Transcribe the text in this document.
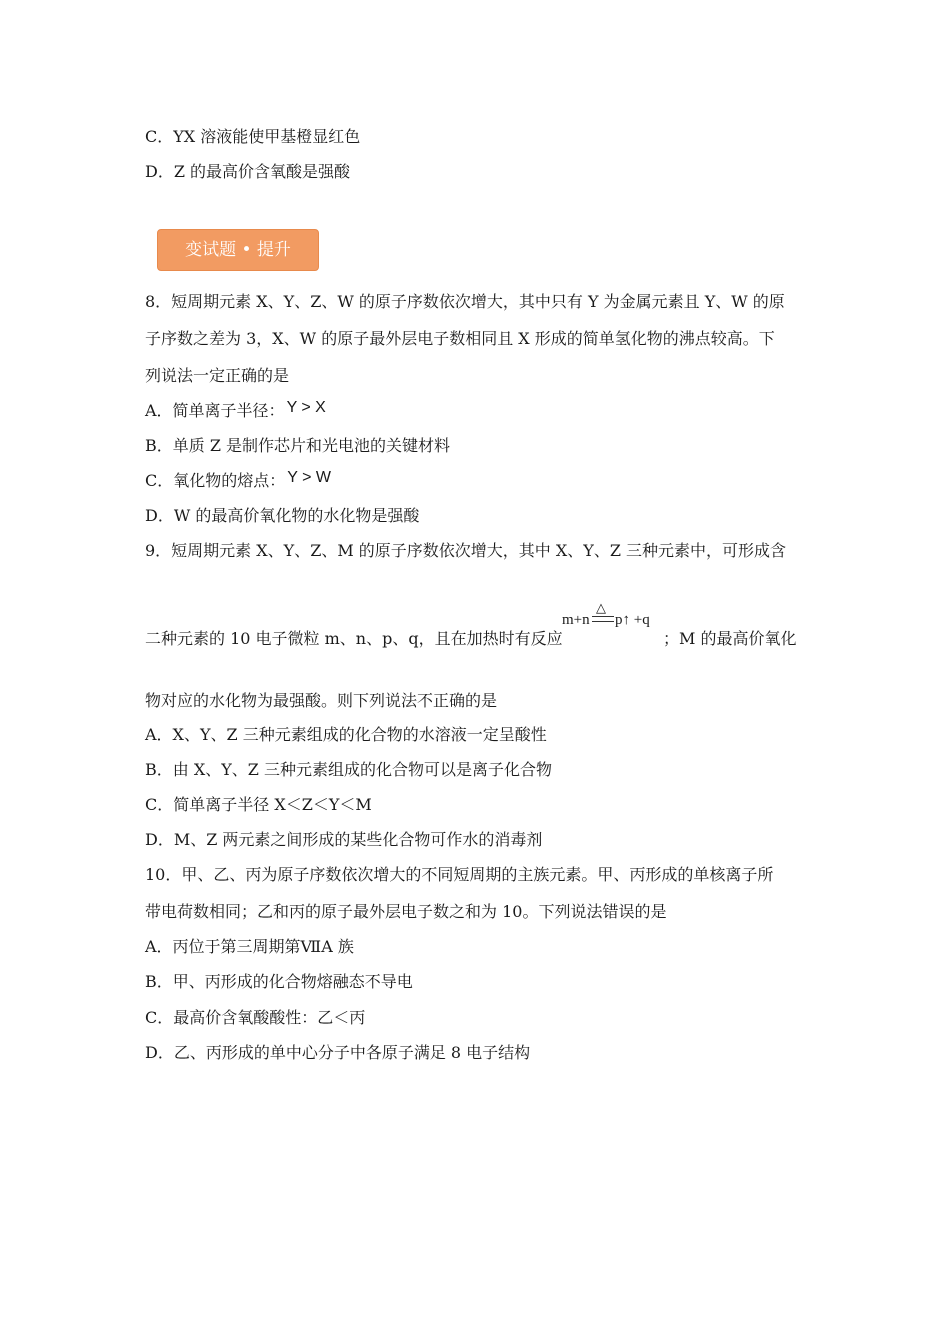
C．YX 溶液能使甲基橙显红色
D．Z 的最高价含氧酸是强酸
变试题 • 提升
8．短周期元素 X、Y、Z、W 的原子序数依次增大，其中只有 Y 为金属元素且 Y、W 的原
子序数之差为 3，X、W 的原子最外层电子数相同且 X 形成的简单氢化物的沸点较高。下
列说法一定正确的是
A．简单离子半径： Y > X
B．单质 Z 是制作芯片和光电池的关键材料
C．氧化物的熔点： Y > W
D．W 的最高价氧化物的水化物是强酸
9．短周期元素 X、Y、Z、M 的原子序数依次增大，其中 X、Y、Z 三种元素中，可形成含
二种元素的 10 电子微粒 m、n、p、q，且在加热时有反应
m+n
△
p↑ +q
；M 的最高价氧化
物对应的水化物为最强酸。则下列说法不正确的是
A．X、Y、Z 三种元素组成的化合物的水溶液一定呈酸性
B．由 X、Y、Z 三种元素组成的化合物可以是离子化合物
C．简单离子半径 X＜Z＜Y＜M
D．M、Z 两元素之间形成的某些化合物可作水的消毒剂
10．甲、乙、丙为原子序数依次增大的不同短周期的主族元素。甲、丙形成的单核离子所
带电荷数相同；乙和丙的原子最外层电子数之和为 10。下列说法错误的是
A．丙位于第三周期第ⅦA 族
B．甲、丙形成的化合物熔融态不导电
C．最高价含氧酸酸性：乙＜丙
D．乙、丙形成的单中心分子中各原子满足 8 电子结构
